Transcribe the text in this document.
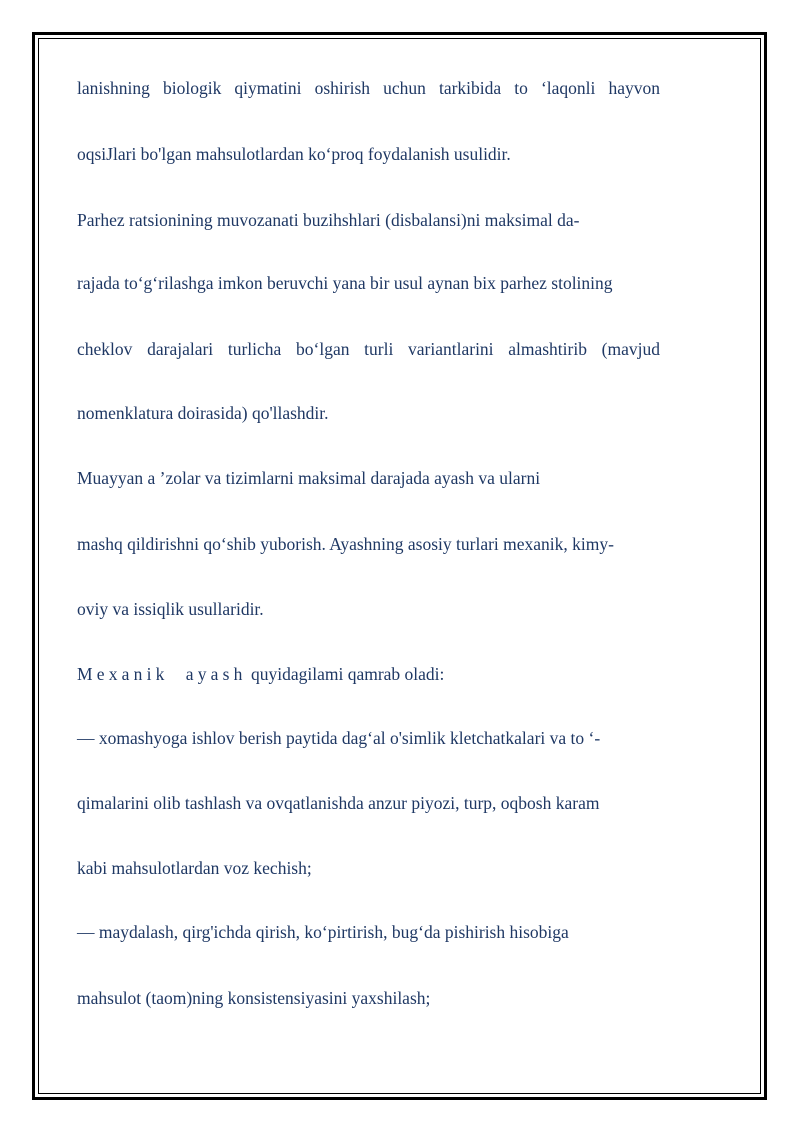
lanishning biologik qiymatini oshirish uchun tarkibida to ‘laqonli hayvon
oqsiJlari bo'lgan mahsulotlardan ko‘proq foydalanish usulidir.
Parhez ratsionining muvozanati buzihshlari (disbalansi)ni maksimal da-
rajada to‘g‘rilashga imkon beruvchi yana bir usul aynan bix parhez stolining
cheklov darajalari turlicha bo‘lgan turli variantlarini almashtirib (mavjud
nomenklatura doirasida) qo'llashdir.
Muayyan a ’zolar va tizimlarni maksimal darajada ayash va ularni
mashq qildirishni qo‘shib yuborish. Ayashning asosiy turlari mexanik, kimy-
oviy va issiqlik usullaridir.
Mexanik  ayash quyidagilami qamrab oladi:
— xomashyoga ishlov berish paytida dag‘al o'simlik kletchatkalari va to ‘-
qimalarini olib tashlash va ovqatlanishda anzur piyozi, turp, oqbosh karam
kabi mahsulotlardan voz kechish;
— maydalash, qirg'ichda qirish, ko‘pirtirish, bug‘da pishirish hisobiga
mahsulot (taom)ning konsistensiyasini yaxshilash;
